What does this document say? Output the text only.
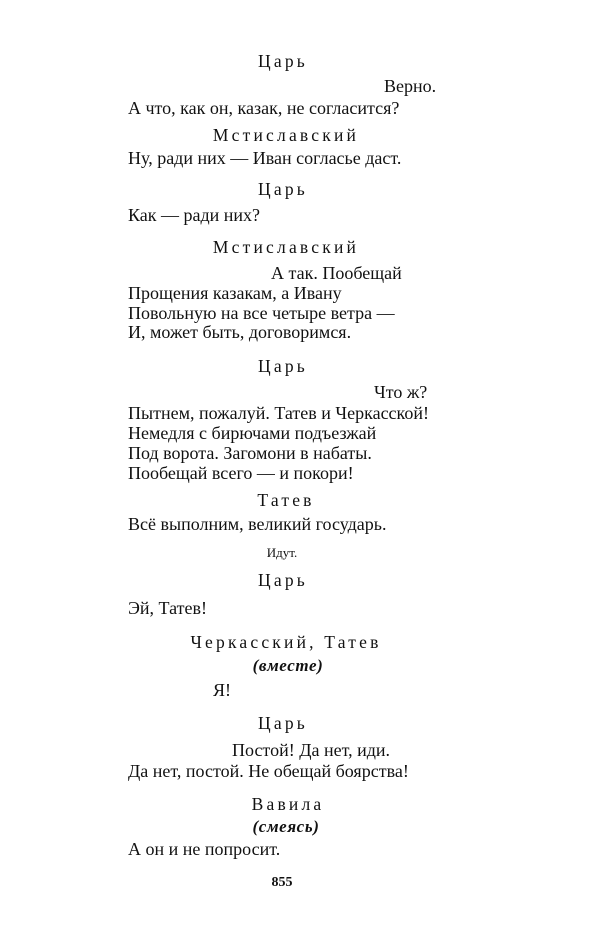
Царь
Верно.
А что, как он, казак, не согласится?
Мстиславский
Ну, ради них — Иван согласье даст.
Царь
Как — ради них?
Мстиславский
А так. Пообещай
Прощения казакам, а Ивану
Повольную на все четыре ветра —
И, может быть, договоримся.
Царь
Что ж?
Пытнем, пожалуй. Татев и Черкасской!
Немедля с бирючами подъезжай
Под ворота. Загомони в набаты.
Пообещай всего — и покори!
Татев
Всё выполним, великий государь.
Идут.
Царь
Эй, Татев!
Черкасский, Татев
(вместе)
Я!
Царь
Постой! Да нет, иди.
Да нет, постой. Не обещай боярства!
Вавила
(смеясь)
А он и не попросит.
855
